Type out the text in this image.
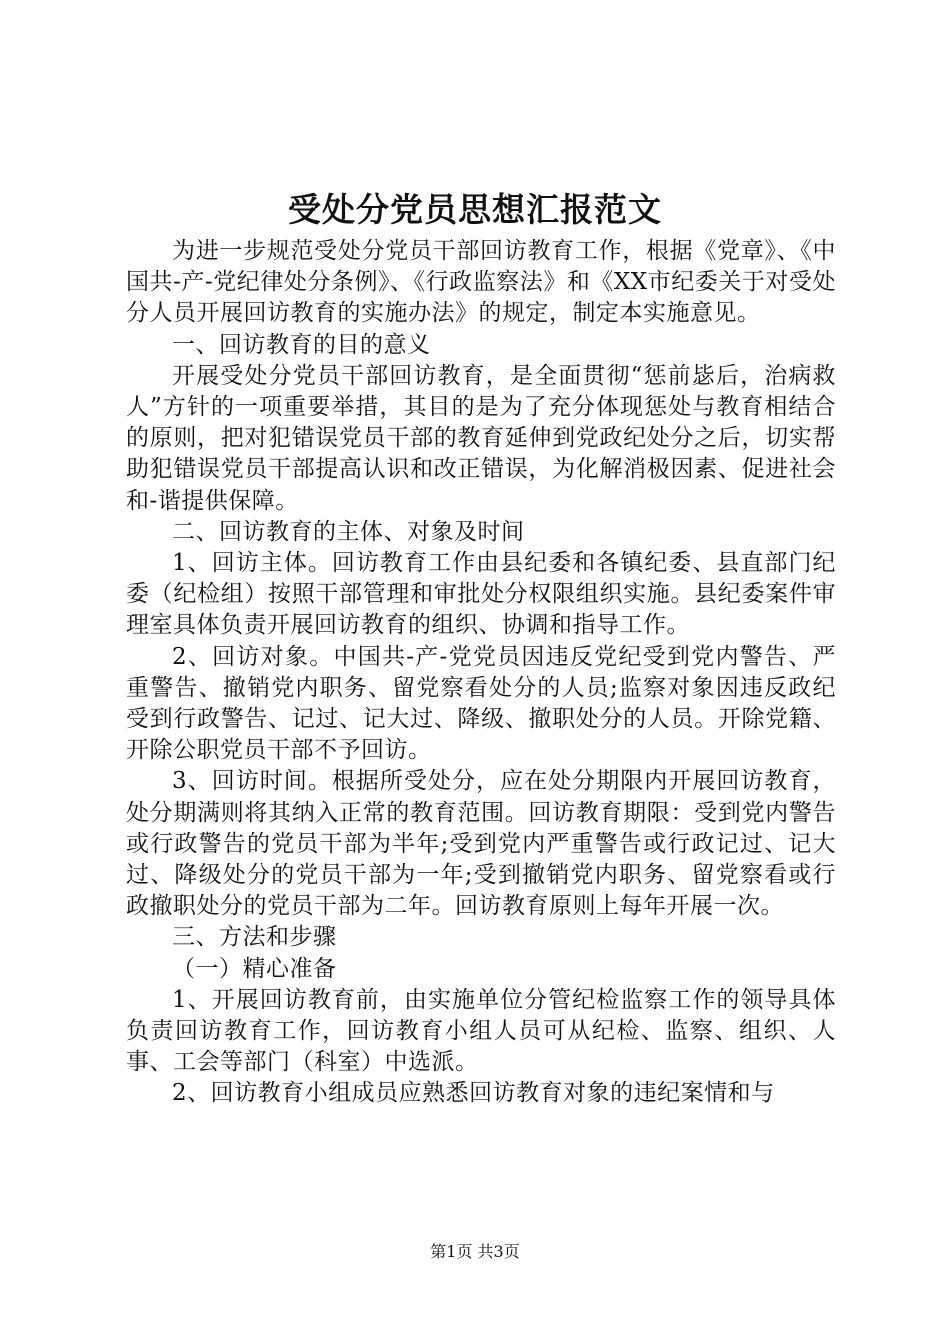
受处分党员思想汇报范文

为进一步规范受处分党员干部回访教育工作，根据《党章》、《中国共-产-党纪律处分条例》、《行政监察法》和《XX市纪委关于对受处分人员开展回访教育的实施办法》的规定，制定本实施意见。

一、回访教育的目的意义

开展受处分党员干部回访教育，是全面贯彻“惩前毖后，治病救人”方针的一项重要举措，其目的是为了充分体现惩处与教育相结合的原则，把对犯错误党员干部的教育延伸到党政纪处分之后，切实帮助犯错误党员干部提高认识和改正错误，为化解消极因素、促进社会和-谐提供保障。

二、回访教育的主体、对象及时间

1、回访主体。回访教育工作由县纪委和各镇纪委、县直部门纪委（纪检组）按照干部管理和审批处分权限组织实施。县纪委案件审理室具体负责开展回访教育的组织、协调和指导工作。

2、回访对象。中国共-产-党党员因违反党纪受到党内警告、严重警告、撤销党内职务、留党察看处分的人员;监察对象因违反政纪受到行政警告、记过、记大过、降级、撤职处分的人员。开除党籍、开除公职党员干部不予回访。

3、回访时间。根据所受处分，应在处分期限内开展回访教育，处分期满则将其纳入正常的教育范围。回访教育期限：受到党内警告或行政警告的党员干部为半年;受到党内严重警告或行政记过、记大过、降级处分的党员干部为一年;受到撤销党内职务、留党察看或行政撤职处分的党员干部为二年。回访教育原则上每年开展一次。

三、方法和步骤

（一）精心准备

1、开展回访教育前，由实施单位分管纪检监察工作的领导具体负责回访教育工作，回访教育小组人员可从纪检、监察、组织、人事、工会等部门（科室）中选派。

2、回访教育小组成员应熟悉回访教育对象的违纪案情和与

第1页 共3页
